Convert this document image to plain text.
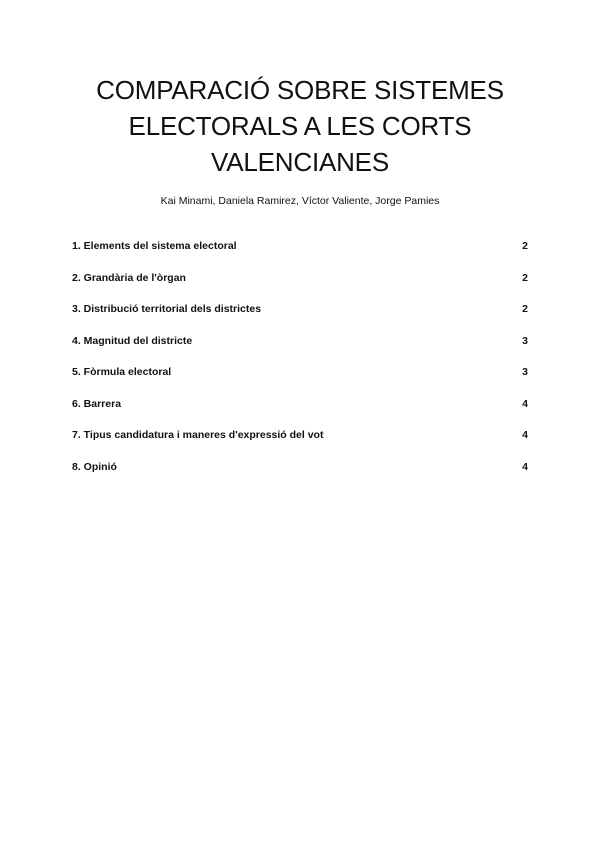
COMPARACIÓ SOBRE SISTEMES
ELECTORALS A LES CORTS
VALENCIANES

Kai Minami, Daniela Ramirez, Víctor Valiente, Jorge Pamies

1. Elements del sistema electoral	2
2. Grandària de l'òrgan	2
3. Distribució territorial dels districtes	2
4. Magnitud del districte	3
5. Fòrmula electoral	3
6. Barrera	4
7. Tipus candidatura i maneres d'expressió del vot	4
8. Opinió	4
